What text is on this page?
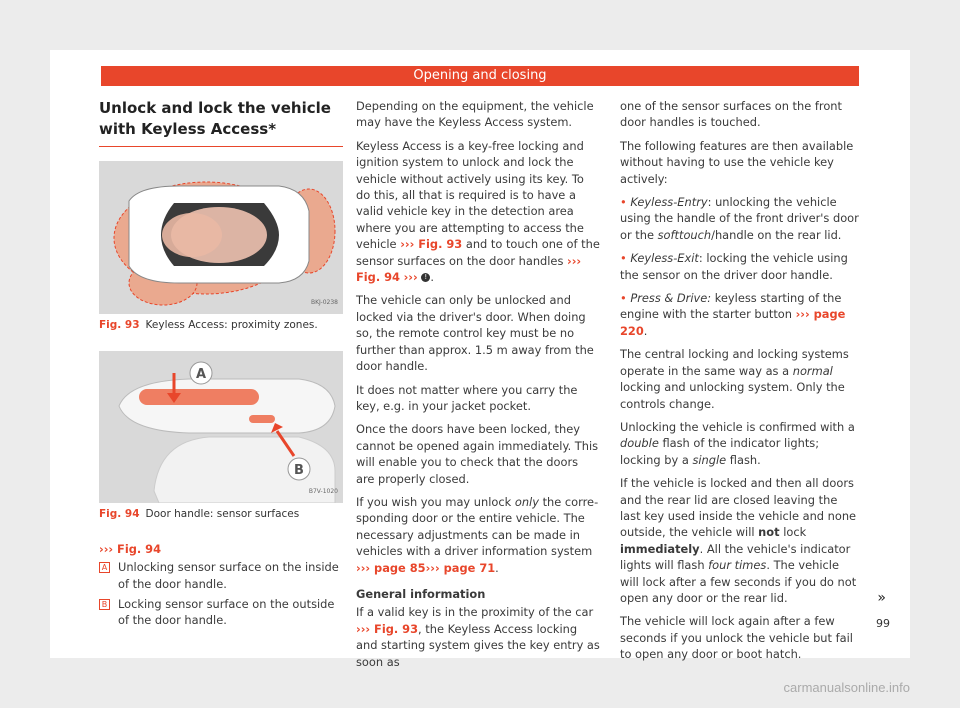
Opening and closing
Unlock and lock the vehicle with Keyless Access*
BKJ-0238
Fig. 93 Keyless Access: proximity zones.
A
B
B7V-1020
Fig. 94 Door handle: sensor surfaces
››› Fig. 94
A Unlocking sensor surface on the inside of the door handle.
B Locking sensor surface on the outside of the door handle.

Depending on the equipment, the vehicle may have the Keyless Access system.

Keyless Access is a key-free locking and ignition system to unlock and lock the vehicle without actively using its key. To do this, all that is required is to have a valid vehicle key in the detection area where you are attempting to access the vehicle ››› Fig. 93 and to touch one of the sensor surfaces on the door handles ››› Fig. 94 ››› ! .

The vehicle can only be unlocked and locked via the driver's door. When doing so, the remote control key must be no further than approx. 1.5 m away from the door handle.

It does not matter where you carry the key, e.g. in your jacket pocket.

Once the doors have been locked, they cannot be opened again immediately. This will enable you to check that the doors are properly closed.

If you wish you may unlock only the corresponding door or the entire vehicle. The necessary adjustments can be made in vehicles with a driver information system ››› page 85››› page 71.

General information

If a valid key is in the proximity of the car ››› Fig. 93, the Keyless Access locking and starting system gives the key entry as soon as

one of the sensor surfaces on the front door handles is touched.

The following features are then available without having to use the vehicle key actively:

• Keyless-Entry: unlocking the vehicle using the handle of the front driver's door or the softtouch/handle on the rear lid.

• Keyless-Exit: locking the vehicle using the sensor on the driver door handle.

• Press & Drive: keyless starting of the engine with the starter button ››› page 220.

The central locking and locking systems operate in the same way as a normal locking and unlocking system. Only the controls change.

Unlocking the vehicle is confirmed with a double flash of the indicator lights; locking by a single flash.

If the vehicle is locked and then all doors and the rear lid are closed leaving the last key used inside the vehicle and none outside, the vehicle will not lock immediately. All the vehicle's indicator lights will flash four times. The vehicle will lock after a few seconds if you do not open any door or the rear lid.

The vehicle will lock again after a few seconds if you unlock the vehicle but fail to open any door or boot hatch.

»
99
carmanualsonline.info
